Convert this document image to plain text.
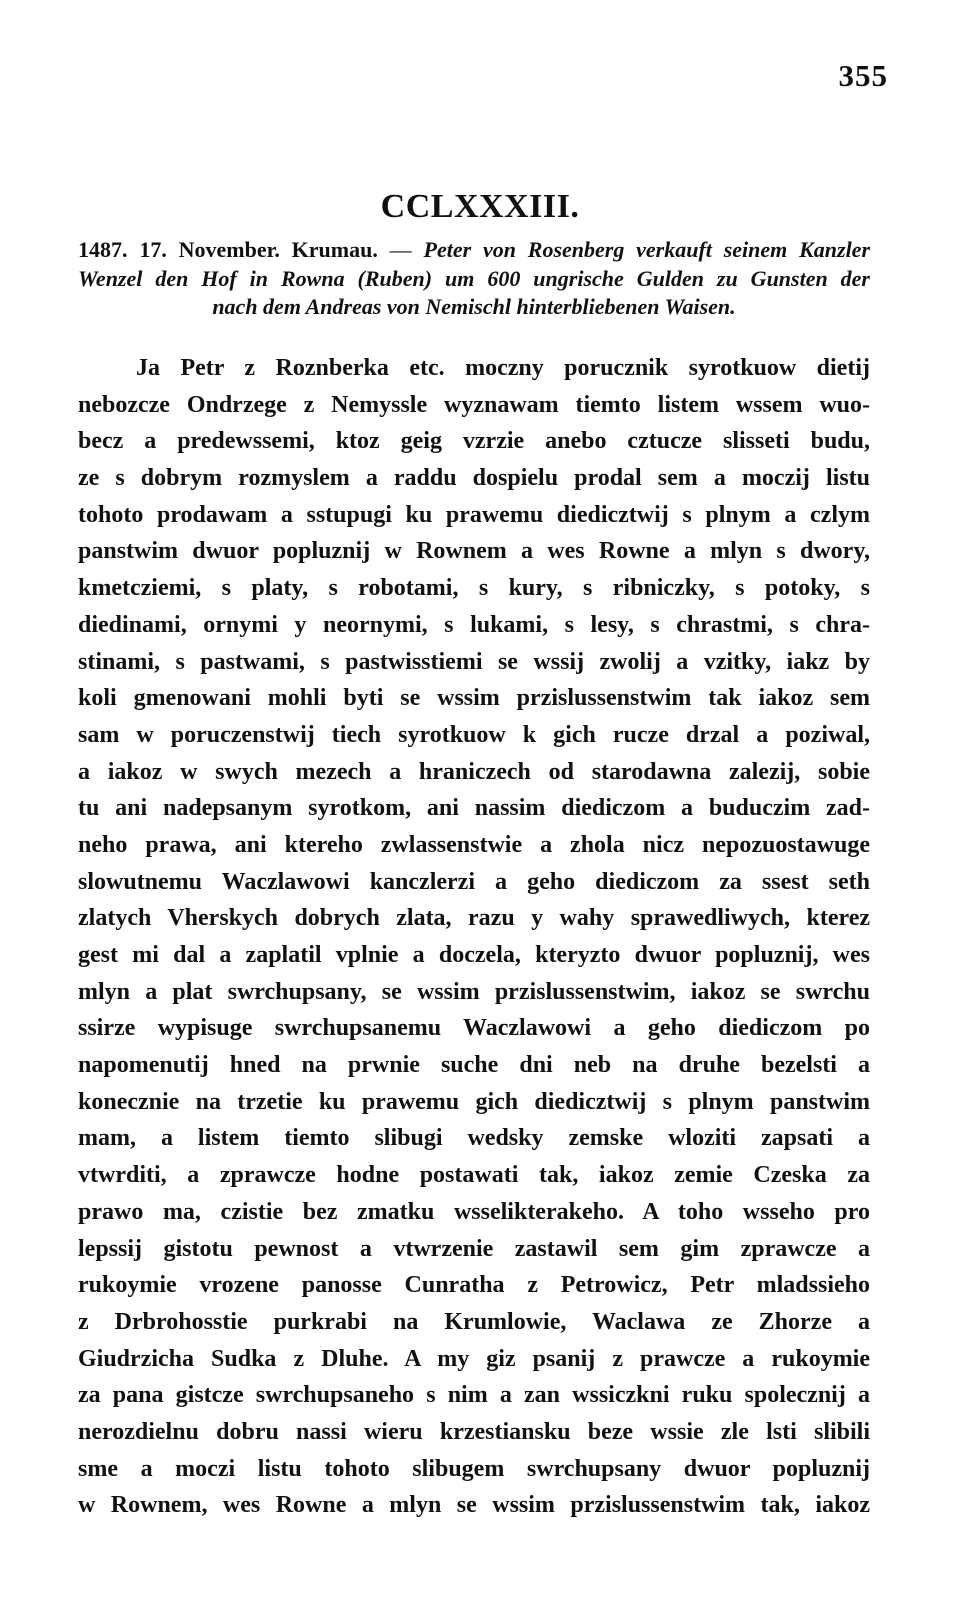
355
CCLXXXIII.
1487. 17. November. Krumau. — Peter von Rosenberg verkauft seinem Kanzler
Wenzel den Hof in Rowna (Ruben) um 600 ungrische Gulden zu Gunsten der
nach dem Andreas von Nemischl hinterbliebenen Waisen.
Ja Petr z Roznberka etc. moczny porucznik syrotkuow dietij
nebozcze Ondrzege z Nemyssle wyznawam tiemto listem wssem wuo-
becz a predewssemi, ktoz geig vzrzie anebo cztucze slisseti budu,
ze s dobrym rozmyslem a raddu dospielu prodal sem a moczij listu
tohoto prodawam a sstupugi ku prawemu diedicztwij s plnym a czlym
panstwim dwuor popluznij w Rownem a wes Rowne a mlyn s dwory,
kmetcziemi, s platy, s robotami, s kury, s ribniczky, s potoky, s
diedinami, ornymi y neornymi, s lukami, s lesy, s chrastmi, s chra-
stinami, s pastwami, s pastwisstiemi se wssij zwolij a vzitky, iakz by
koli gmenowani mohli byti se wssim przislussenstwim tak iakoz sem
sam w poruczenstwij tiech syrotkuow k gich rucze drzal a poziwal,
a iakoz w swych mezech a hraniczech od starodawna zalezij, sobie
tu ani nadepsanym syrotkom, ani nassim diediczom a buduczim zad-
neho prawa, ani kterehο zwlassenstwie a zhola nicz nepozuostawuge
slowutnemu Waczlawowi kanczlerzi a geho diediczom za ssest seth
zlatych Vherskych dobrych zlata, razu y wahy sprawedliwych, kterez
gest mi dal a zaplatil vplnie a doczela, kteryzto dwuor popluznij, wes
mlyn a plat swrchupsany, se wssim przislussenstwim, iakoz se swrchu
ssirze wypisuge swrchupsanemu Waczlawowi a geho diediczom po
napomenutij hned na prwnie suche dni neb na druhe bezelsti a
konecznie na trzetie ku prawemu gich diedicztwij s plnym panstwim
mam, a listem tiemto slibugi wedsky zemske wloziti zapsati a
vtwrditi, a zprawcze hodne postawati tak, iakoz zemie Czeska za
prawo ma, czistie bez zmatku wsselikterakeho. A toho wsseho pro
lepssij gistotu pewnost a vtwrzenie zastawil sem gim zprawcze a
rukoymie vrozene panosse Cunratha z Petrowicz, Petr mladssieho
z Drbrohosstie purkrabi na Krumlowie, Waclawa ze Zhorze a
Giudrzicha Sudka z Dluhe. A my giz psanij z prawcze a rukoymie
za pana gistcze swrchupsaneho s nim a zan wssiczkni ruku spolecznij a
nerozdielnu dobru nassi wieru krzestiansku beze wssie zle lsti slibili
sme a moczi listu tohoto slibugem swrchupsany dwuor popluznij
w Rownem, wes Rowne a mlyn se wssim przislussenstwim tak, iakoz
